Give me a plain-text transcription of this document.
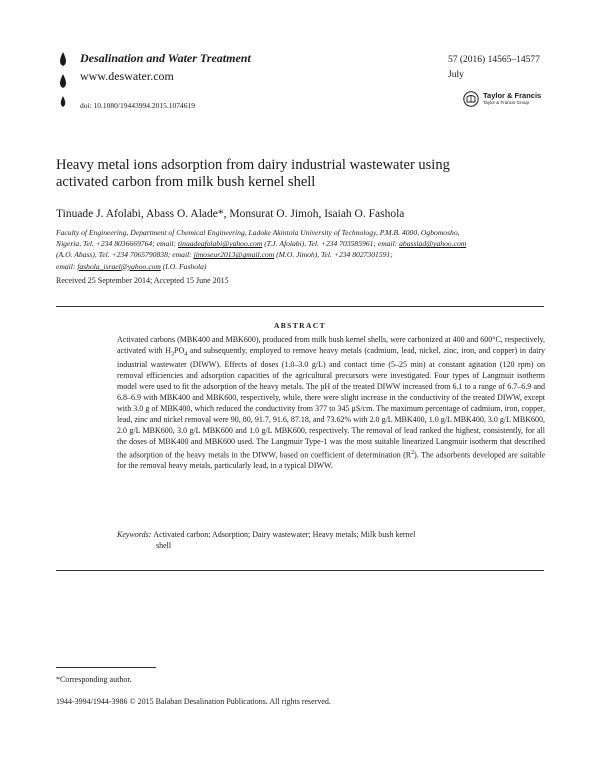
Desalination and Water Treatment
www.deswater.com
doi: 10.1080/19443994.2015.1074619
57 (2016) 14565–14577
July
Taylor & Francis
Taylor & Francis Group
Heavy metal ions adsorption from dairy industrial wastewater using
activated carbon from milk bush kernel shell
Tinuade J. Afolabi, Abass O. Alade*, Monsurat O. Jimoh, Isaiah O. Fashola
Faculty of Engineering, Department of Chemical Engineering, Ladoke Akintola University of Technology, P.M.B. 4000, Ogbomosho,
Nigeria, Tel. +234 8036669764; email: tinuadeafolabi@yahoo.com (T.J. Afolabi), Tel. +234 703585961; email: abasslad@yahoo.com
(A.O. Abass), Tel. +234 7065790838; email: jimoseur2013@gmail.com (M.O. Jimoh), Tel. +234 8027301591;
email: fashola_israel@yahoo.com (I.O. Fashola)
Received 25 September 2014; Accepted 15 June 2015
ABSTRACT

Activated carbons (MBK400 and MBK600), produced from milk bush kernel shells, were carbonized at 400 and 600°C, respectively, activated with $H_3PO_4$ and subsequently, employed to remove heavy metals (cadmium, lead, nickel, zinc, iron, and copper) in dairy industrial wastewater (DIWW). Effects of doses (1.0–3.0 g/L) and contact time (5–25 min) at constant agitation (120 rpm) on removal efficiencies and adsorption capacities of the agricultural precursors were investigated. Four types of Langmuir isotherm model were used to fit the adsorption of the heavy metals. The pH of the treated DIWW increased from 6.1 to a range of 6.7–6.9 and 6.8–6.9 with MBK400 and MBK600, respectively, while, there were slight increase in the conductivity of the treated DIWW, except with 3.0 g of MBK400, which reduced the conductivity from 377 to 345 μS/cm. The maximum percentage of cadmium, iron, copper, lead, zinc and nickel removal were 90, 80, 91.7, 91.6, 87.18, and 73.62% with 2.0 g/L MBK400, 1.0 g/L MBK400, 3.0 g/L MBK600, 2.0 g/L MBK600, 3.0 g/L MBK600 and 1.0 g/L MBK600, respectively. The removal of lead ranked the highest, consistently, for all the doses of MBK400 and MBK600 used. The Langmuir Type-1 was the most suitable linearized Langmuir isotherm that described the adsorption of the heavy metals in the DIWW, based on coefficient of determination $(R^2)$. The adsorbents developed are suitable for the removal heavy metals, particularly lead, in a typical DIWW.

Keywords:
Activated carbon; Adsorption; Dairy wastewater; Heavy metals; Milk bush kernel
shell
*Corresponding author.
1944-3994/1944-3986 © 2015 Balaban Desalination Publications. All rights reserved.
